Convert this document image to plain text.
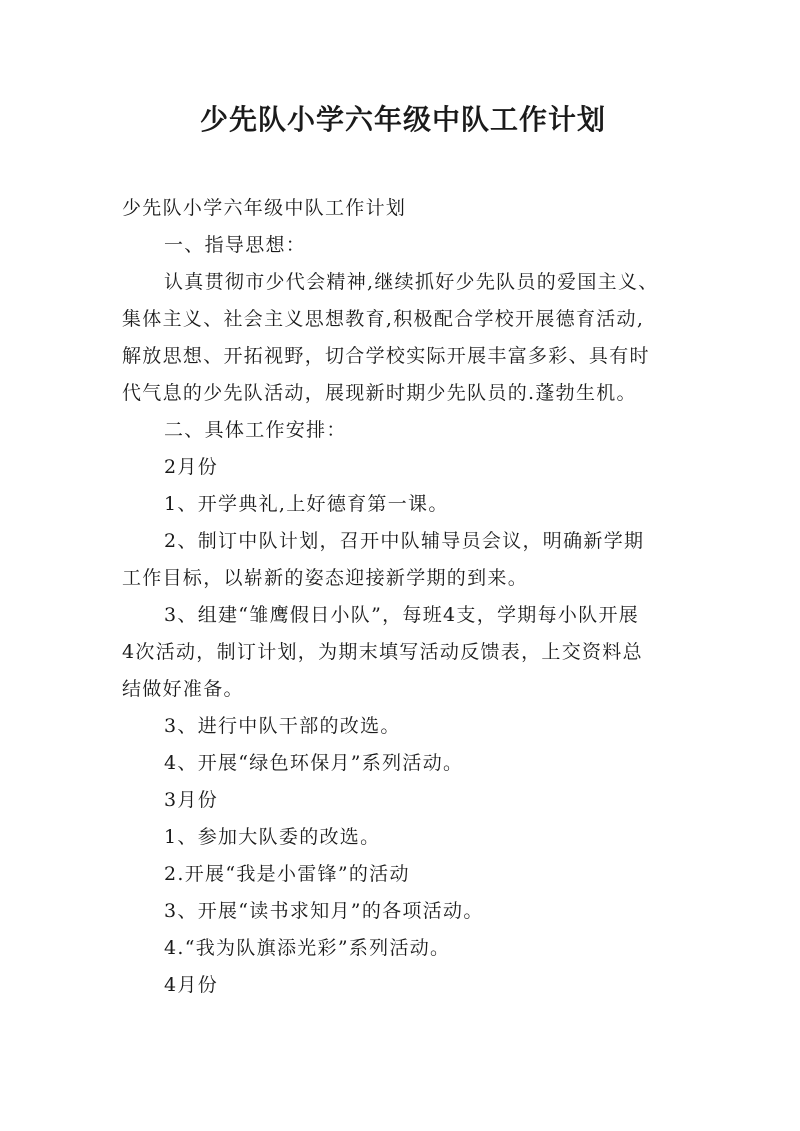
少先队小学六年级中队工作计划
少先队小学六年级中队工作计划
一、指导思想：
认真贯彻市少代会精神,继续抓好少先队员的爱国主义、
集体主义、社会主义思想教育,积极配合学校开展德育活动,
解放思想、开拓视野，切合学校实际开展丰富多彩、具有时
代气息的少先队活动，展现新时期少先队员的.蓬勃生机。
二、具体工作安排：
2月份
1、开学典礼,上好德育第一课。
2、制订中队计划，召开中队辅导员会议，明确新学期
工作目标，以崭新的姿态迎接新学期的到来。
3、组建“雏鹰假日小队”，每班4支，学期每小队开展
4次活动，制订计划，为期末填写活动反馈表，上交资料总
结做好准备。
3、进行中队干部的改选。
4、开展“绿色环保月”系列活动。
3月份
1、参加大队委的改选。
2.开展“我是小雷锋”的活动
3、开展“读书求知月”的各项活动。
4.“我为队旗添光彩”系列活动。
4月份
